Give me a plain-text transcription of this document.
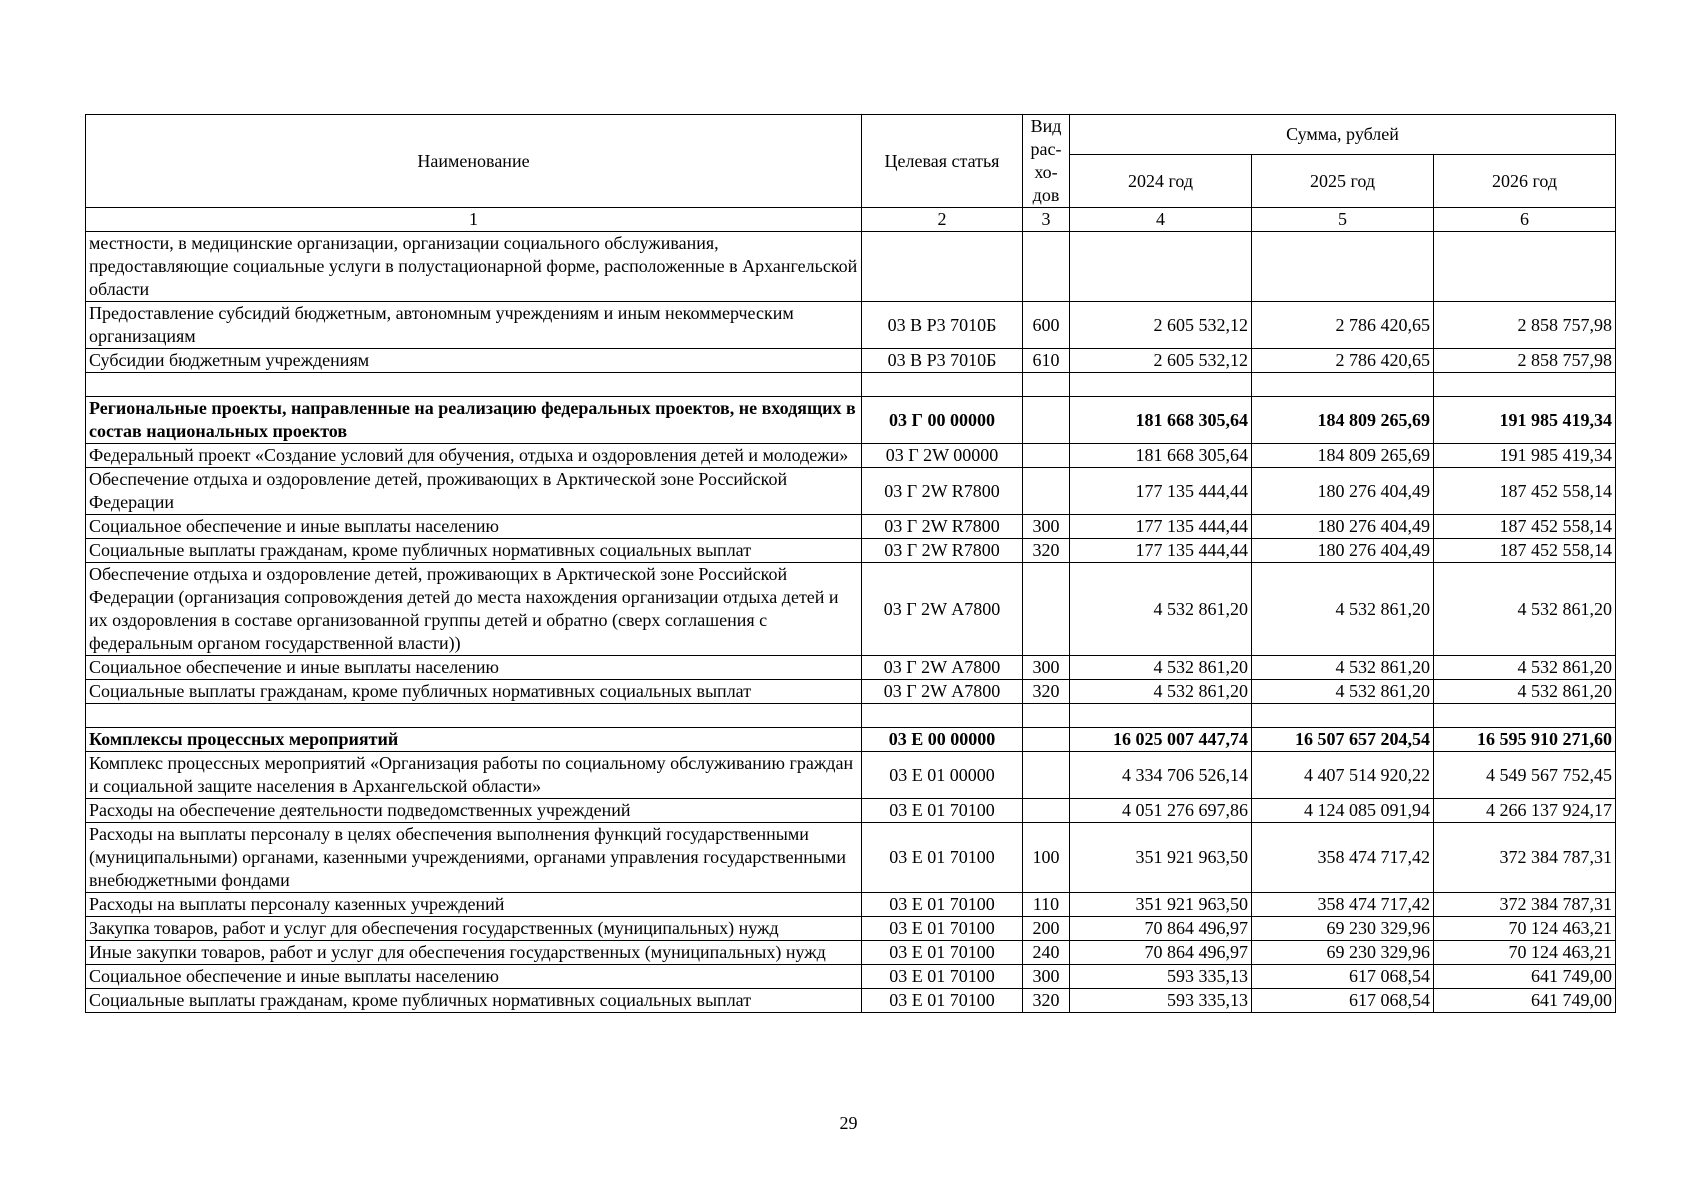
Наименование	Целевая статья	Вид рас- хо- дов	Сумма, рублей		
			2024 год	2025 год	2026 год
1	2	3	4	5	6
местности, в медицинские организации, организации социального обслуживания, предоставляющие социальные услуги в полустационарной форме, расположенные в Архангельской области					
Предоставление субсидий бюджетным, автономным учреждениям и иным некоммерческим организациям	03 В Р3 7010Б	600	2 605 532,12	2 786 420,65	2 858 757,98
Субсидии бюджетным учреждениям	03 В Р3 7010Б	610	2 605 532,12	2 786 420,65	2 858 757,98

Региональные проекты, направленные на реализацию федеральных проектов, не входящих в состав национальных проектов	03 Г 00 00000		181 668 305,64	184 809 265,69	191 985 419,34
Федеральный проект «Создание условий для обучения, отдыха и оздоровления детей и молодежи»	03 Г 2W 00000		181 668 305,64	184 809 265,69	191 985 419,34
Обеспечение отдыха и оздоровление детей, проживающих в Арктической зоне Российской Федерации	03 Г 2W R7800		177 135 444,44	180 276 404,49	187 452 558,14
Социальное обеспечение и иные выплаты населению	03 Г 2W R7800	300	177 135 444,44	180 276 404,49	187 452 558,14
Социальные выплаты гражданам, кроме публичных нормативных социальных выплат	03 Г 2W R7800	320	177 135 444,44	180 276 404,49	187 452 558,14
Обеспечение отдыха и оздоровление детей, проживающих в Арктической зоне Российской Федерации (организация сопровождения детей до места нахождения организации отдыха детей и их оздоровления в составе организованной группы детей и обратно (сверх соглашения с федеральным органом государственной власти))	03 Г 2W А7800		4 532 861,20	4 532 861,20	4 532 861,20
Социальное обеспечение и иные выплаты населению	03 Г 2W А7800	300	4 532 861,20	4 532 861,20	4 532 861,20
Социальные выплаты гражданам, кроме публичных нормативных социальных выплат	03 Г 2W А7800	320	4 532 861,20	4 532 861,20	4 532 861,20

Комплексы процессных мероприятий	03 Е 00 00000		16 025 007 447,74	16 507 657 204,54	16 595 910 271,60
Комплекс процессных мероприятий «Организация работы по социальному обслуживанию граждан и социальной защите населения в Архангельской области»	03 Е 01 00000		4 334 706 526,14	4 407 514 920,22	4 549 567 752,45
Расходы на обеспечение деятельности подведомственных учреждений	03 Е 01 70100		4 051 276 697,86	4 124 085 091,94	4 266 137 924,17
Расходы на выплаты персоналу в целях обеспечения выполнения функций государственными (муниципальными) органами, казенными учреждениями, органами управления государственными внебюджетными фондами	03 Е 01 70100	100	351 921 963,50	358 474 717,42	372 384 787,31
Расходы на выплаты персоналу казенных учреждений	03 Е 01 70100	110	351 921 963,50	358 474 717,42	372 384 787,31
Закупка товаров, работ и услуг для обеспечения государственных (муниципальных) нужд	03 Е 01 70100	200	70 864 496,97	69 230 329,96	70 124 463,21
Иные закупки товаров, работ и услуг для обеспечения государственных (муниципальных) нужд	03 Е 01 70100	240	70 864 496,97	69 230 329,96	70 124 463,21
Социальное обеспечение и иные выплаты населению	03 Е 01 70100	300	593 335,13	617 068,54	641 749,00
Социальные выплаты гражданам, кроме публичных нормативных социальных выплат	03 Е 01 70100	320	593 335,13	617 068,54	641 749,00
29
